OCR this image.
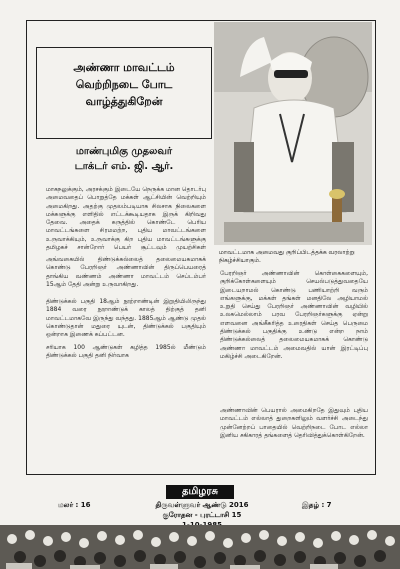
அண்ணா மாவட்டம்
வெற்றிநடை போட
வாழ்த்துகிறேன்
மாண்புமிகு முதலவர்
டாக்டர் எம். ஜி. ஆர்.
மாகநலுக்கும், அரசக்கும் இடையே நெருக்க மான தொடர்பு அமைவதைப் பொறுத்தே மக்கள் ஆட்சியின் வெற்றியும் அமைகிறது. அதற்கு முதலம்படியாக சிலசாக நிலைகளை மக்களுக்கு எளிதில் எட்டக்கூடியதாக இருக் கிறிவது தேவை. அதைக் கருத்தில் கொண்டே பெரிய மாவட்டங்களை சிரமமற்ற, புதிய மாவட்டங்களை உருவாக்கியும், உருவாக்கு கிற புதிய மாவட்டங்களுக்கு தமிழகச் சான்றோர் பெயர் சூட்டவும் முயற்சிகள்
அங்வகையில் திண்டுக்கல்லைத் தலைமையகமாகக் கொண்டு பேரறிஞர் அண்ணாவின் திருப்பெயரைத் தாங்கிய வண்ணம் அண்ணா மாவட்டம் செப்டம்பர் 15ஆம் தேதி அன்று உருவாகிறது.
திண்டுக்கல் பகுதி 18ஆம் நூற்றாண்டின் இறுதியிலிருந்து 1884 வரை நூறாண்டுக் காலத் திற்குத் தனி மாவட்டமாகவே இருந்து வந்தது. 1885ஆம் ஆண்டு முதல் கொண்டுதான் மதுரை யுடன், திண்டுக்கல் பகுதியும் ஒன்றாக இணைக் கப்பட்டன.
சரியாக 100 ஆண்டுகள் கழித்த 1985ல் மீண்டும் திண்டுக்கல் பகுதி தனி நிர்வாக
மாவட்டமாக அமைவது குறிப்பிடத்தக்க வரலாற்று நிகழ்ச்சியாகும்.
பேரறிஞர் அண்ணாவின் கொள்கைகளையும், குறிக்கோள்களையும் செயல்படுத்துவதையே இடையறாமல் கொண்டு பணியாற்றி வரும் எங்களுக்கு, மக்கள் தங்கள் மனதிலே அழியாமல் உறுதி செய்து பேரறிஞர் அண்ணாவின் வழியில் உலகமெல்லாம் பரவ பேரறிஞர்களுக்கு ஏன்று எளவனை அங்கீகரித்த உரைதிகள் செய்த பெருமை திண்டுக்கல் பகுதிக்கு உண்டு என்ற நாம் திண்டுக்கல்லைத் தலைமையகமாகக் கொண்டு அண்ணா மாவட்டம் அமைவதில் யான் இரட்டிப்பு மகிழ்ச்சி அடைகிறேன்.
அண்ணாவின் பெயரால் அமைகிறதே இதுவும் புதிய மாவட்டம் எல்லாத் துறைகளிலும் வளர்ச்சி அடைந்து முன்னேற்றப் பாதையில் வெற்றிநடை போட எல்லா இனிய சகிகாரத் தங்களைத் தெரிவித்துக்கொள்கிறேன்.
தமிழரசு
மலர் : 16	திருவள்ளுவர் ஆண்டு 2016	இதழ் : 7
குரோதன - புரட்டாசி 15
